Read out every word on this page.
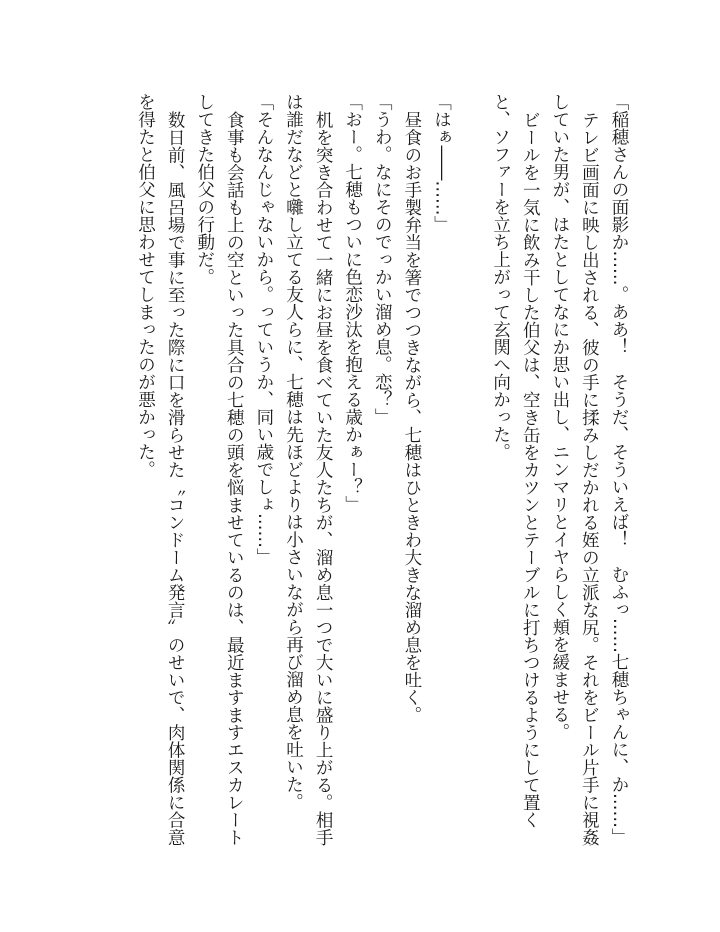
「稲穂さんの面影か……。ああ！　そうだ、そういえば！　むふっ……七穂ちゃんに、か……」

テレビ画面に映し出される、彼の手に揉みしだかれる姪の立派な尻。それをビール片手に視姦していた男が、はたとしてなにか思い出し、ニンマリとイヤらしく頬を緩ませる。

ビールを一気に飲み干した伯父は、空き缶をカツンとテーブルに打ちつけるようにして置くと、ソファーを立ち上がって玄関へ向かった。

「はぁ――……」

昼食のお手製弁当を箸でつつきながら、七穂はひときわ大きな溜め息を吐く。

「うわ。なにそのでっかい溜め息。恋？」

「おー。七穂もついに色恋沙汰を抱える歳かぁー？」

机を突き合わせて一緒にお昼を食べていた友人たちが、溜め息一つで大いに盛り上がる。相手は誰だなどと囃し立てる友人らに、七穂は先ほどよりは小さいながら再び溜め息を吐いた。

「そんなんじゃないから。っていうか、同い歳でしょ……」

食事も会話も上の空といった具合の七穂の頭を悩ませているのは、最近ますますエスカレートしてきた伯父の行動だ。

数日前、風呂場で事に至った際に口を滑らせた〝コンドーム発言〟のせいで、肉体関係に合意を得たと伯父に思わせてしまったのが悪かった。
